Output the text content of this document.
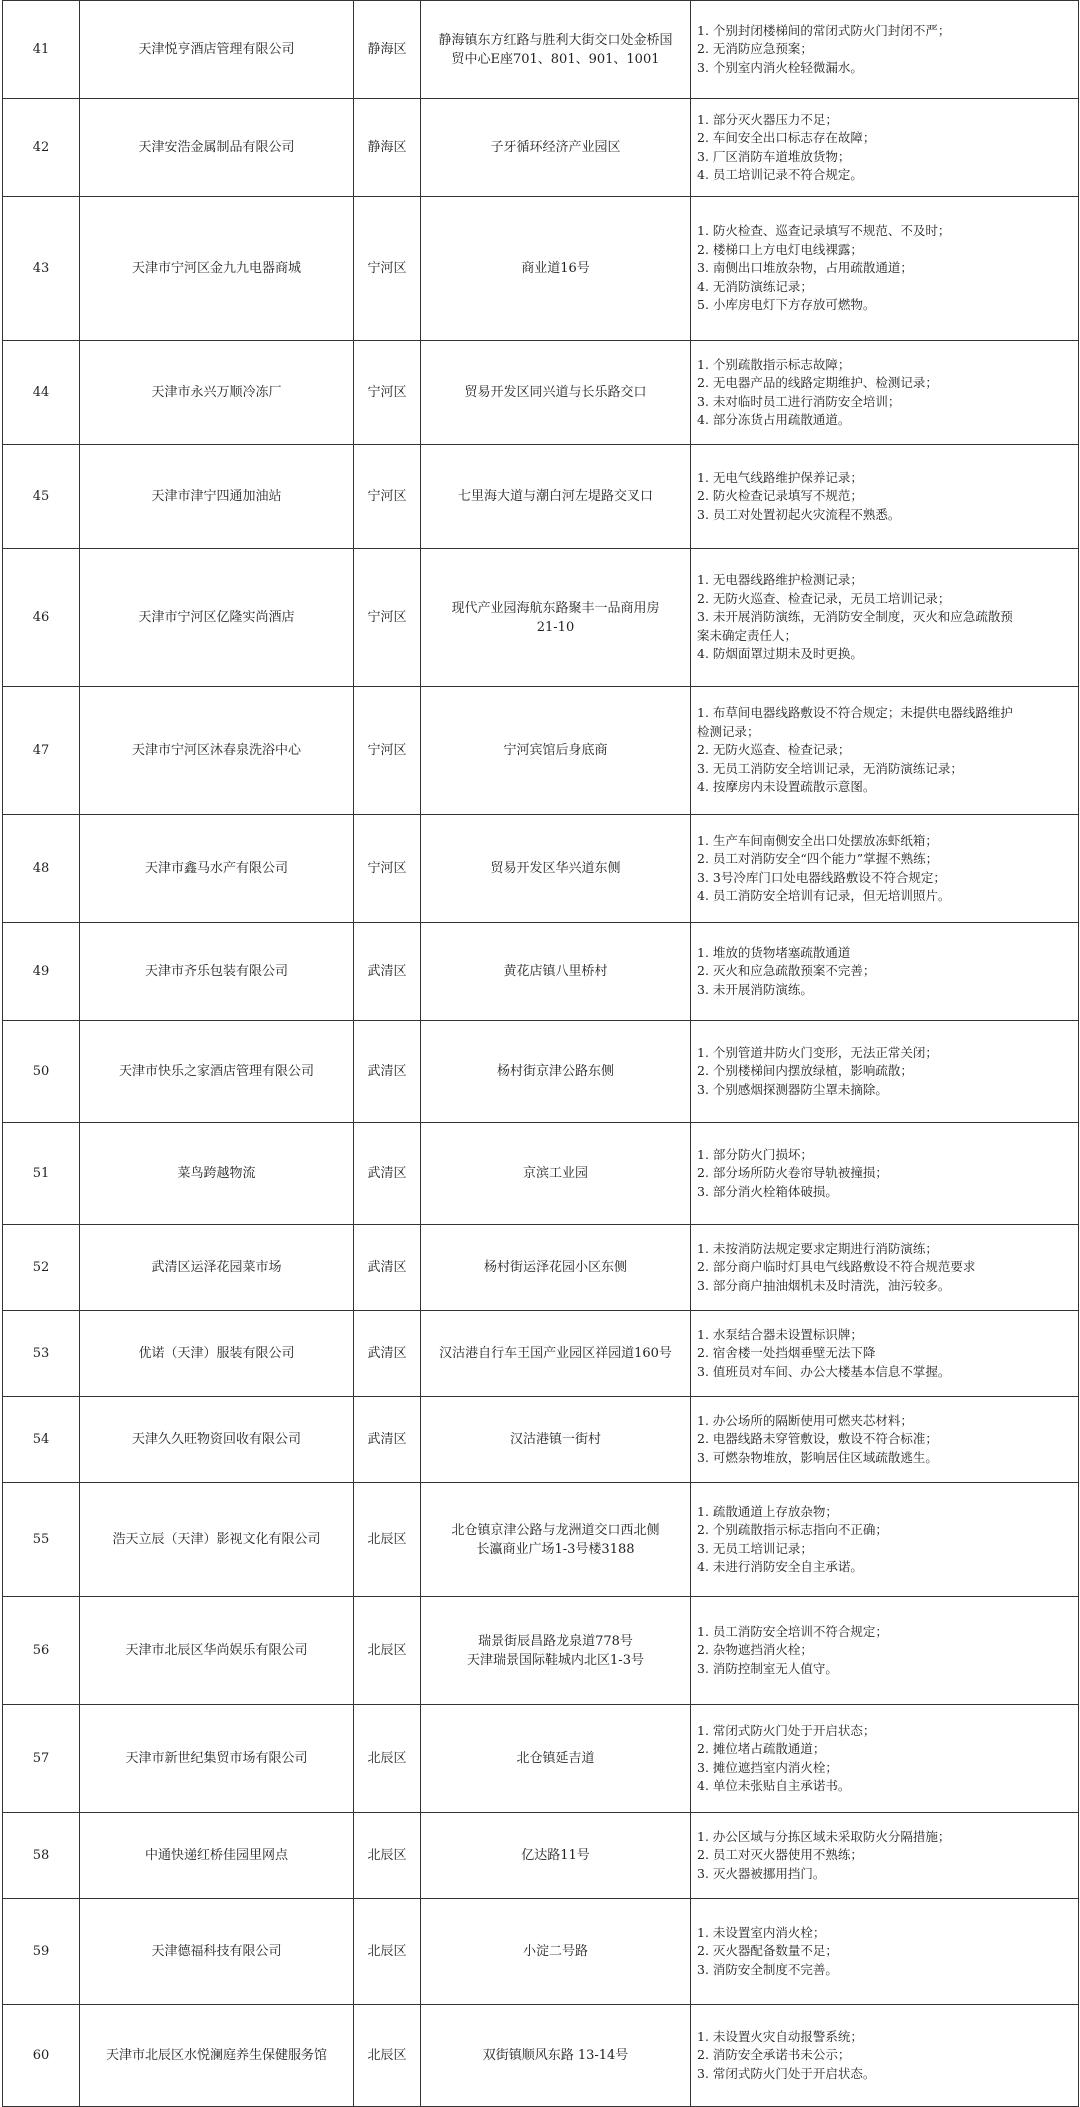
41	天津悦亨酒店管理有限公司	静海区	静海镇东方红路与胜利大街交口处金桥国
贸中心E座701、801、901、1001	1. 个别封闭楼梯间的常闭式防火门封闭不严；
2. 无消防应急预案；
3. 个别室内消火栓轻微漏水。

42	天津安浩金属制品有限公司	静海区	子牙循环经济产业园区	1. 部分灭火器压力不足；
2. 车间安全出口标志存在故障；
3. 厂区消防车道堆放货物；
4. 员工培训记录不符合规定。

43	天津市宁河区金九九电器商城	宁河区	商业道16号	1. 防火检查、巡查记录填写不规范、不及时；
2. 楼梯口上方电灯电线裸露；
3. 南侧出口堆放杂物，占用疏散通道；
4. 无消防演练记录；
5. 小库房电灯下方存放可燃物。

44	天津市永兴万顺冷冻厂	宁河区	贸易开发区同兴道与长乐路交口	1. 个别疏散指示标志故障；
2. 无电器产品的线路定期维护、检测记录；
3. 未对临时员工进行消防安全培训；
4. 部分冻货占用疏散通道。

45	天津市津宁四通加油站	宁河区	七里海大道与潮白河左堤路交叉口	1. 无电气线路维护保养记录；
2. 防火检查记录填写不规范；
3. 员工对处置初起火灾流程不熟悉。

46	天津市宁河区亿隆实尚酒店	宁河区	现代产业园海航东路聚丰一品商用房
21-10	1. 无电器线路维护检测记录；
2. 无防火巡查、检查记录，无员工培训记录；
3. 未开展消防演练，无消防安全制度，灭火和应急疏散预
案未确定责任人；
4. 防烟面罩过期未及时更换。

47	天津市宁河区沐春泉洗浴中心	宁河区	宁河宾馆后身底商	1. 布草间电器线路敷设不符合规定；未提供电器线路维护
检测记录；
2. 无防火巡查、检查记录；
3. 无员工消防安全培训记录，无消防演练记录；
4. 按摩房内未设置疏散示意图。

48	天津市鑫马水产有限公司	宁河区	贸易开发区华兴道东侧	1. 生产车间南侧安全出口处摆放冻虾纸箱；
2. 员工对消防安全“四个能力”掌握不熟练；
3. 3号冷库门口处电器线路敷设不符合规定；
4. 员工消防安全培训有记录，但无培训照片。

49	天津市齐乐包装有限公司	武清区	黄花店镇八里桥村	1. 堆放的货物堵塞疏散通道
2. 灭火和应急疏散预案不完善；
3. 未开展消防演练。

50	天津市快乐之家酒店管理有限公司	武清区	杨村街京津公路东侧	1. 个别管道井防火门变形，无法正常关闭；
2. 个别楼梯间内摆放绿植，影响疏散；
3. 个别感烟探测器防尘罩未摘除。

51	菜鸟跨越物流	武清区	京滨工业园	1. 部分防火门损坏；
2. 部分场所防火卷帘导轨被撞损；
3. 部分消火栓箱体破损。

52	武清区运泽花园菜市场	武清区	杨村街运泽花园小区东侧	1. 未按消防法规定要求定期进行消防演练；
2. 部分商户临时灯具电气线路敷设不符合规范要求
3. 部分商户抽油烟机未及时清洗，油污较多。

53	优诺（天津）服装有限公司	武清区	汉沽港自行车王国产业园区祥园道160号	1. 水泵结合器未设置标识牌；
2. 宿舍楼一处挡烟垂壁无法下降
3. 值班员对车间、办公大楼基本信息不掌握。

54	天津久久旺物资回收有限公司	武清区	汉沽港镇一街村	1. 办公场所的隔断使用可燃夹芯材料；
2. 电器线路未穿管敷设，敷设不符合标准；
3. 可燃杂物堆放，影响居住区域疏散逃生。

55	浩天立辰（天津）影视文化有限公司	北辰区	北仓镇京津公路与龙洲道交口西北侧
长瀛商业广场1-3号楼3188	1. 疏散通道上存放杂物；
2. 个别疏散指示标志指向不正确；
3. 无员工培训记录；
4. 未进行消防安全自主承诺。

56	天津市北辰区华尚娱乐有限公司	北辰区	瑞景街辰昌路龙泉道778号
天津瑞景国际鞋城内北区1-3号	1. 员工消防安全培训不符合规定；
2. 杂物遮挡消火栓；
3. 消防控制室无人值守。

57	天津市新世纪集贸市场有限公司	北辰区	北仓镇延吉道	1. 常闭式防火门处于开启状态；
2. 摊位堵占疏散通道；
3. 摊位遮挡室内消火栓；
4. 单位未张贴自主承诺书。

58	中通快递红桥佳园里网点	北辰区	亿达路11号	1. 办公区域与分拣区域未采取防火分隔措施；
2. 员工对灭火器使用不熟练；
3. 灭火器被挪用挡门。

59	天津德福科技有限公司	北辰区	小淀二号路	1. 未设置室内消火栓；
2. 灭火器配备数量不足；
3. 消防安全制度不完善。

60	天津市北辰区水悦澜庭养生保健服务馆	北辰区	双街镇顺风东路 13-14号	1. 未设置火灾自动报警系统；
2. 消防安全承诺书未公示；
3. 常闭式防火门处于开启状态。
